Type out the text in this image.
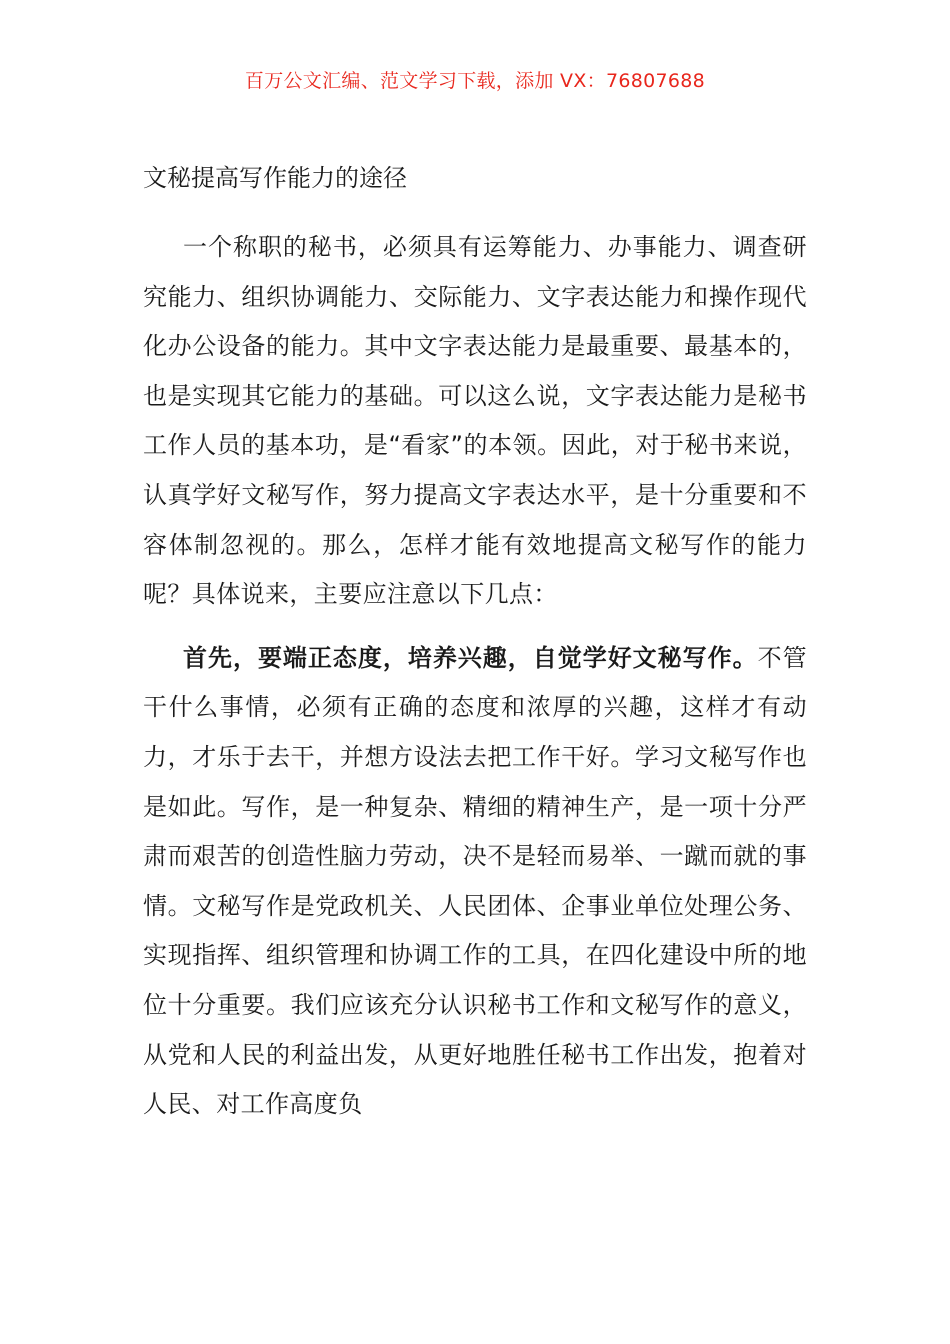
百万公文汇编、范文学习下载，添加 VX：76807688
文秘提高写作能力的途径

一个称职的秘书，必须具有运筹能力、办事能力、调查研究能力、组织协调能力、交际能力、文字表达能力和操作现代化办公设备的能力。其中文字表达能力是最重要、最基本的，也是实现其它能力的基础。可以这么说，文字表达能力是秘书工作人员的基本功，是“看家”的本领。因此，对于秘书来说，认真学好文秘写作，努力提高文字表达水平，是十分重要和不容体制忽视的。那么，怎样才能有效地提高文秘写作的能力呢？具体说来，主要应注意以下几点：

首先，要端正态度，培养兴趣，自觉学好文秘写作。不管干什么事情，必须有正确的态度和浓厚的兴趣，这样才有动力，才乐于去干，并想方设法去把工作干好。学习文秘写作也是如此。写作，是一种复杂、精细的精神生产，是一项十分严肃而艰苦的创造性脑力劳动，决不是轻而易举、一蹴而就的事情。文秘写作是党政机关、人民团体、企事业单位处理公务、实现指挥、组织管理和协调工作的工具，在四化建设中所的地位十分重要。我们应该充分认识秘书工作和文秘写作的意义，从党和人民的利益出发，从更好地胜任秘书工作出发，抱着对人民、对工作高度负
